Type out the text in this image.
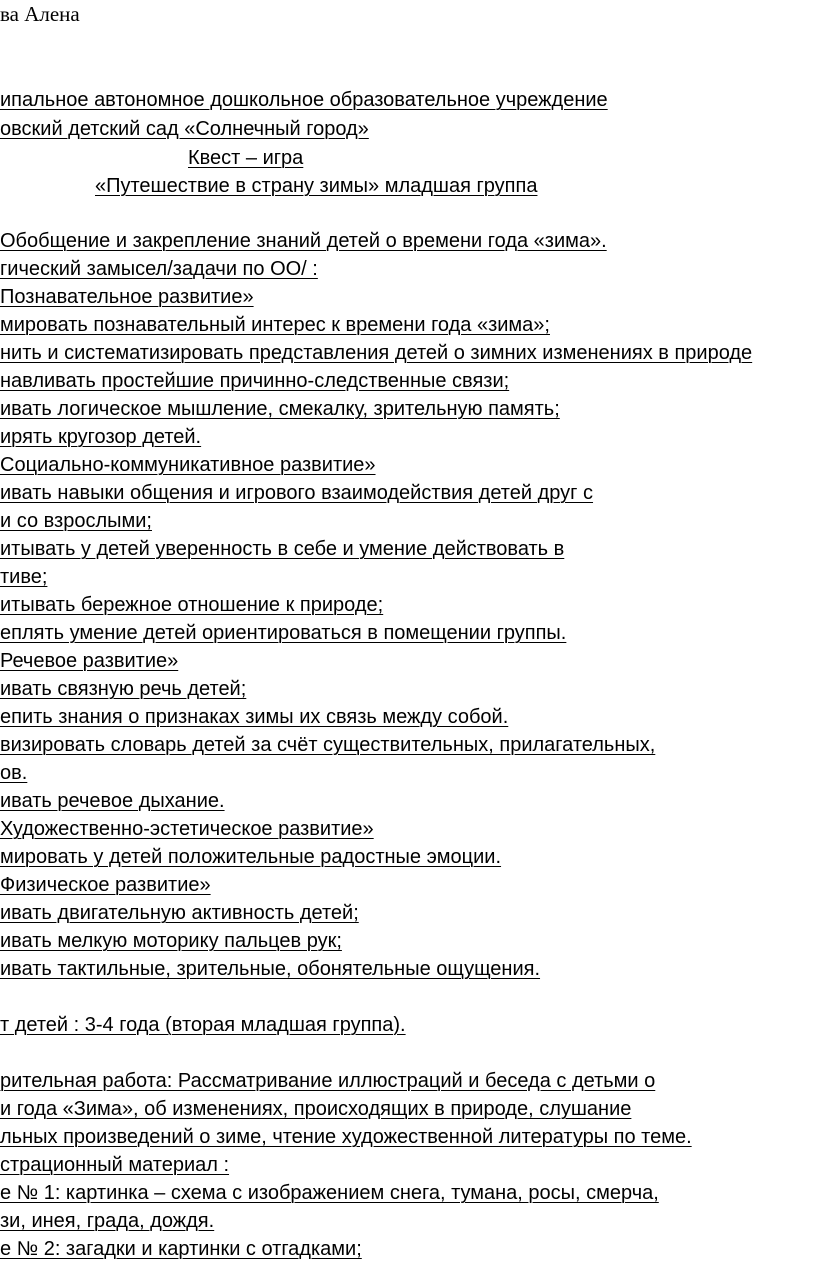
ва Алена
ипальное автономное дошкольное образовательное учреждение
овский детский сад «Солнечный город»
Квест – игра
«Путешествие в страну зимы» младшая группа
Обобщение и закрепление знаний детей о времени года «зима».
гический замысел/задачи по ОО/ :
Познавательное развитие»
мировать познавательный интерес к времени года «зима»;
нить и систематизировать представления детей о зимних изменениях в природе
навливать простейшие причинно-следственные связи;
ивать логическое мышление, смекалку, зрительную память;
ирять кругозор детей.
Социально-коммуникативное развитие»
ивать навыки общения и игрового взаимодействия детей друг с
и со взрослыми;
итывать у детей уверенность в себе и умение действовать в
тиве;
итывать бережное отношение к природе;
еплять умение детей ориентироваться в помещении группы.
Речевое развитие»
ивать связную речь детей;
епить знания о признаках зимы их связь между собой.
визировать словарь детей за счёт существительных, прилагательных,
ов.
ивать речевое дыхание.
Художественно-эстетическое развитие»
мировать у детей положительные радостные эмоции.
Физическое развитие»
ивать двигательную активность детей;
ивать мелкую моторику пальцев рук;
ивать тактильные, зрительные, обонятельные ощущения.
т детей : 3-4 года (вторая младшая группа).
рительная работа: Рассматривание иллюстраций и беседа с детьми о
и года «Зима», об изменениях, происходящих в природе, слушание
льных произведений о зиме, чтение художественной литературы по теме.
страционный материал :
е № 1: картинка – схема с изображением снега, тумана, росы, смерча,
зи, инея, града, дождя.
е № 2: загадки и картинки с отгадками;
